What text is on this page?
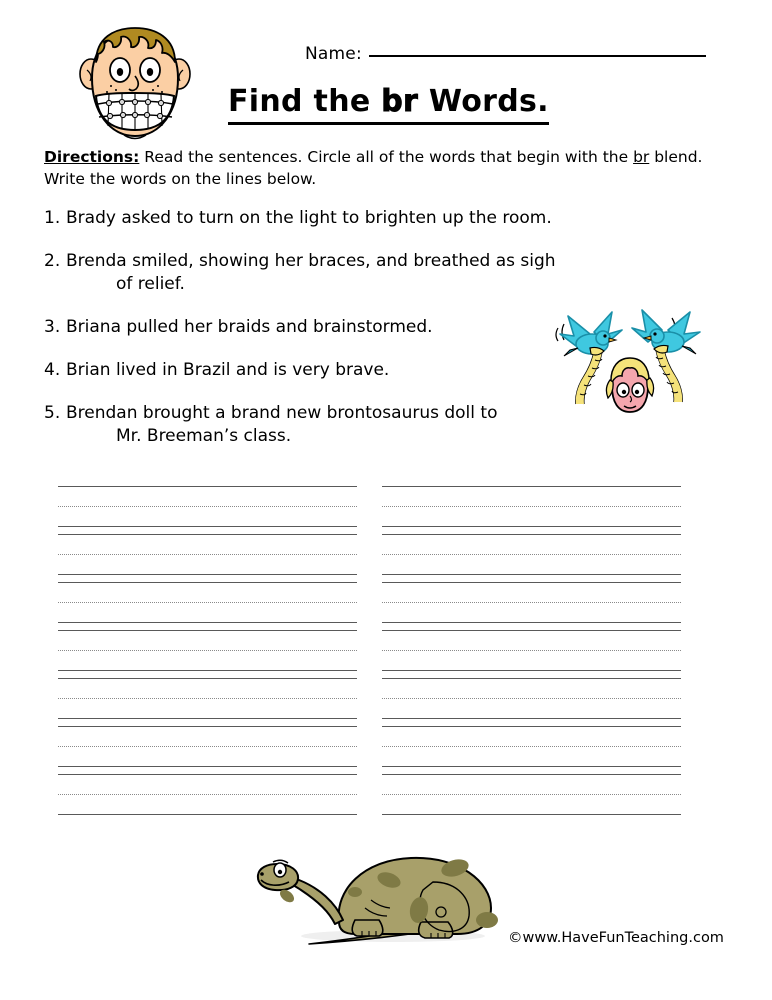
Name:
Find the br Words.
Directions: Read the sentences. Circle all of the words that begin with the br blend. Write the words on the lines below.
1. Brady asked to turn on the light to brighten up the room.
2. Brenda smiled, showing her braces, and breathed as sigh
of relief.
3. Briana pulled her braids and brainstormed.
4. Brian lived in Brazil and is very brave.
5. Brendan brought a brand new brontosaurus doll to
Mr. Breeman’s class.
©www.HaveFunTeaching.com
